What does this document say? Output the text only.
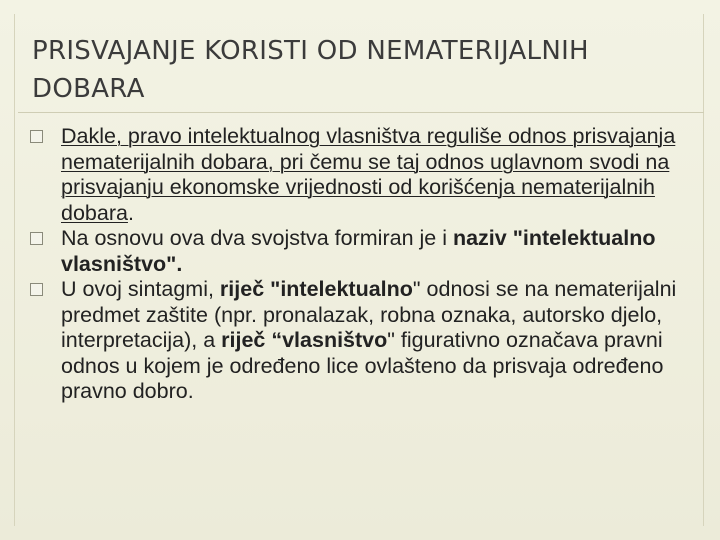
PRISVAJANJE KORISTI OD NEMATERIJALNIH
DOBARA

Dakle, pravo intelektualnog vlasništva reguliše odnos prisvajanja nematerijalnih dobara, pri čemu se taj odnos uglavnom svodi na prisvajanju ekonomske vrijednosti od korišćenja nematerijalnih dobara.

Na osnovu ova dva svojstva formiran je i naziv "intelektualno vlasništvo".

U ovoj sintagmi, riječ "intelektualno" odnosi se na nematerijalni predmet zaštite (npr. pronalazak, robna oznaka, autorsko djelo, interpretacija), a riječ “vlasništvo" figurativno označava pravni odnos u kojem je određeno lice ovlašteno da prisvaja određeno pravno dobro.
